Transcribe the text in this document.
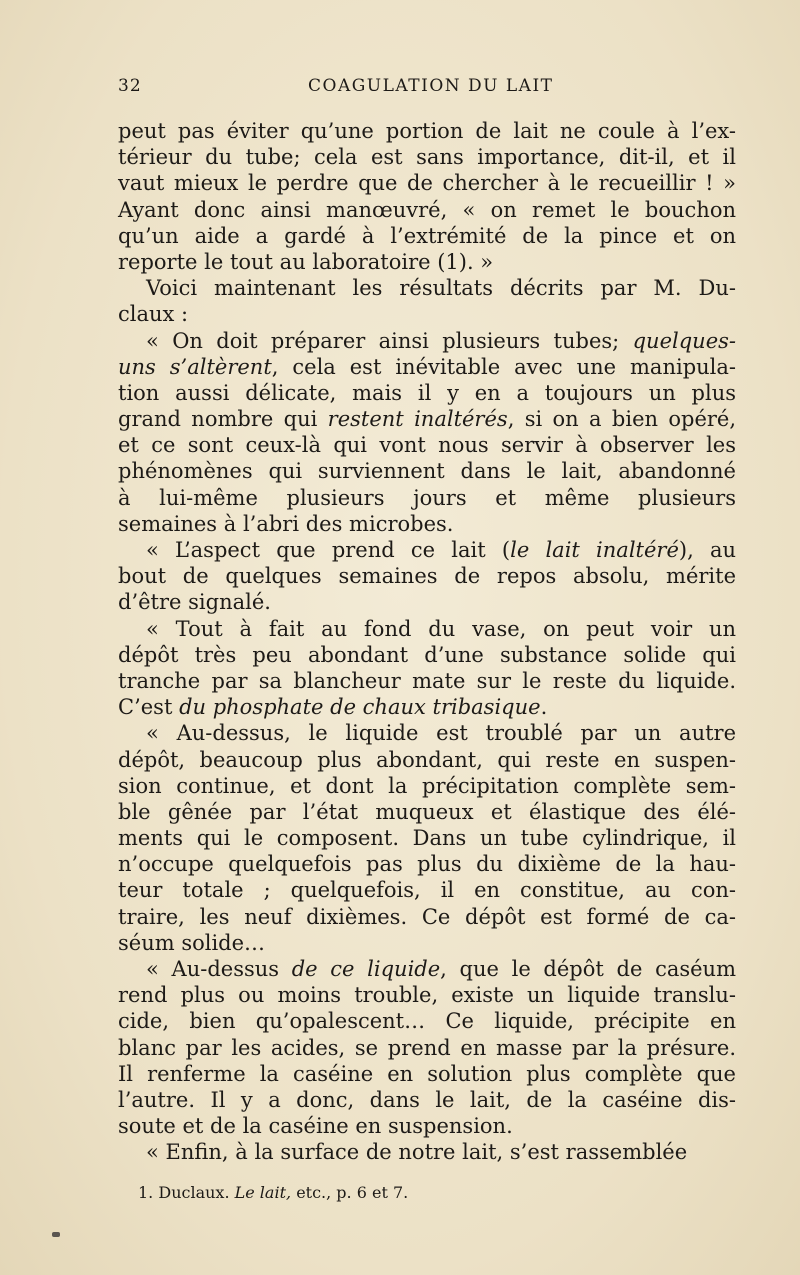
32	COAGULATION DU LAIT
peut pas éviter qu’une portion de lait ne coule à l’ex-
térieur du tube; cela est sans importance, dit-il, et il
vaut mieux le perdre que de chercher à le recueillir ! »
Ayant donc ainsi manœuvré, « on remet le bouchon
qu’un aide a gardé à l’extrémité de la pince et on
reporte le tout au laboratoire (1). »
Voici maintenant les résultats décrits par M. Du-
claux :
« On doit préparer ainsi plusieurs tubes; quelques-
uns s’altèrent, cela est inévitable avec une manipula-
tion aussi délicate, mais il y en a toujours un plus
grand nombre qui restent inaltérés, si on a bien opéré,
et ce sont ceux-là qui vont nous servir à observer les
phénomènes qui surviennent dans le lait, abandonné
à lui-même plusieurs jours et même plusieurs
semaines à l’abri des microbes.
« L’aspect que prend ce lait (le lait inaltéré), au
bout de quelques semaines de repos absolu, mérite
d’être signalé.
« Tout à fait au fond du vase, on peut voir un
dépôt très peu abondant d’une substance solide qui
tranche par sa blancheur mate sur le reste du liquide.
C’est du phosphate de chaux tribasique.
« Au-dessus, le liquide est troublé par un autre
dépôt, beaucoup plus abondant, qui reste en suspen-
sion continue, et dont la précipitation complète sem-
ble gênée par l’état muqueux et élastique des élé-
ments qui le composent. Dans un tube cylindrique, il
n’occupe quelquefois pas plus du dixième de la hau-
teur totale ; quelquefois, il en constitue, au con-
traire, les neuf dixièmes. Ce dépôt est formé de ca-
séum solide…
« Au-dessus de ce liquide, que le dépôt de caséum
rend plus ou moins trouble, existe un liquide translu-
cide, bien qu’opalescent… Ce liquide, précipite en
blanc par les acides, se prend en masse par la présure.
Il renferme la caséine en solution plus complète que
l’autre. Il y a donc, dans le lait, de la caséine dis-
soute et de la caséine en suspension.
« Enfin, à la surface de notre lait, s’est rassemblée
1. Duclaux. Le lait, etc., p. 6 et 7.
